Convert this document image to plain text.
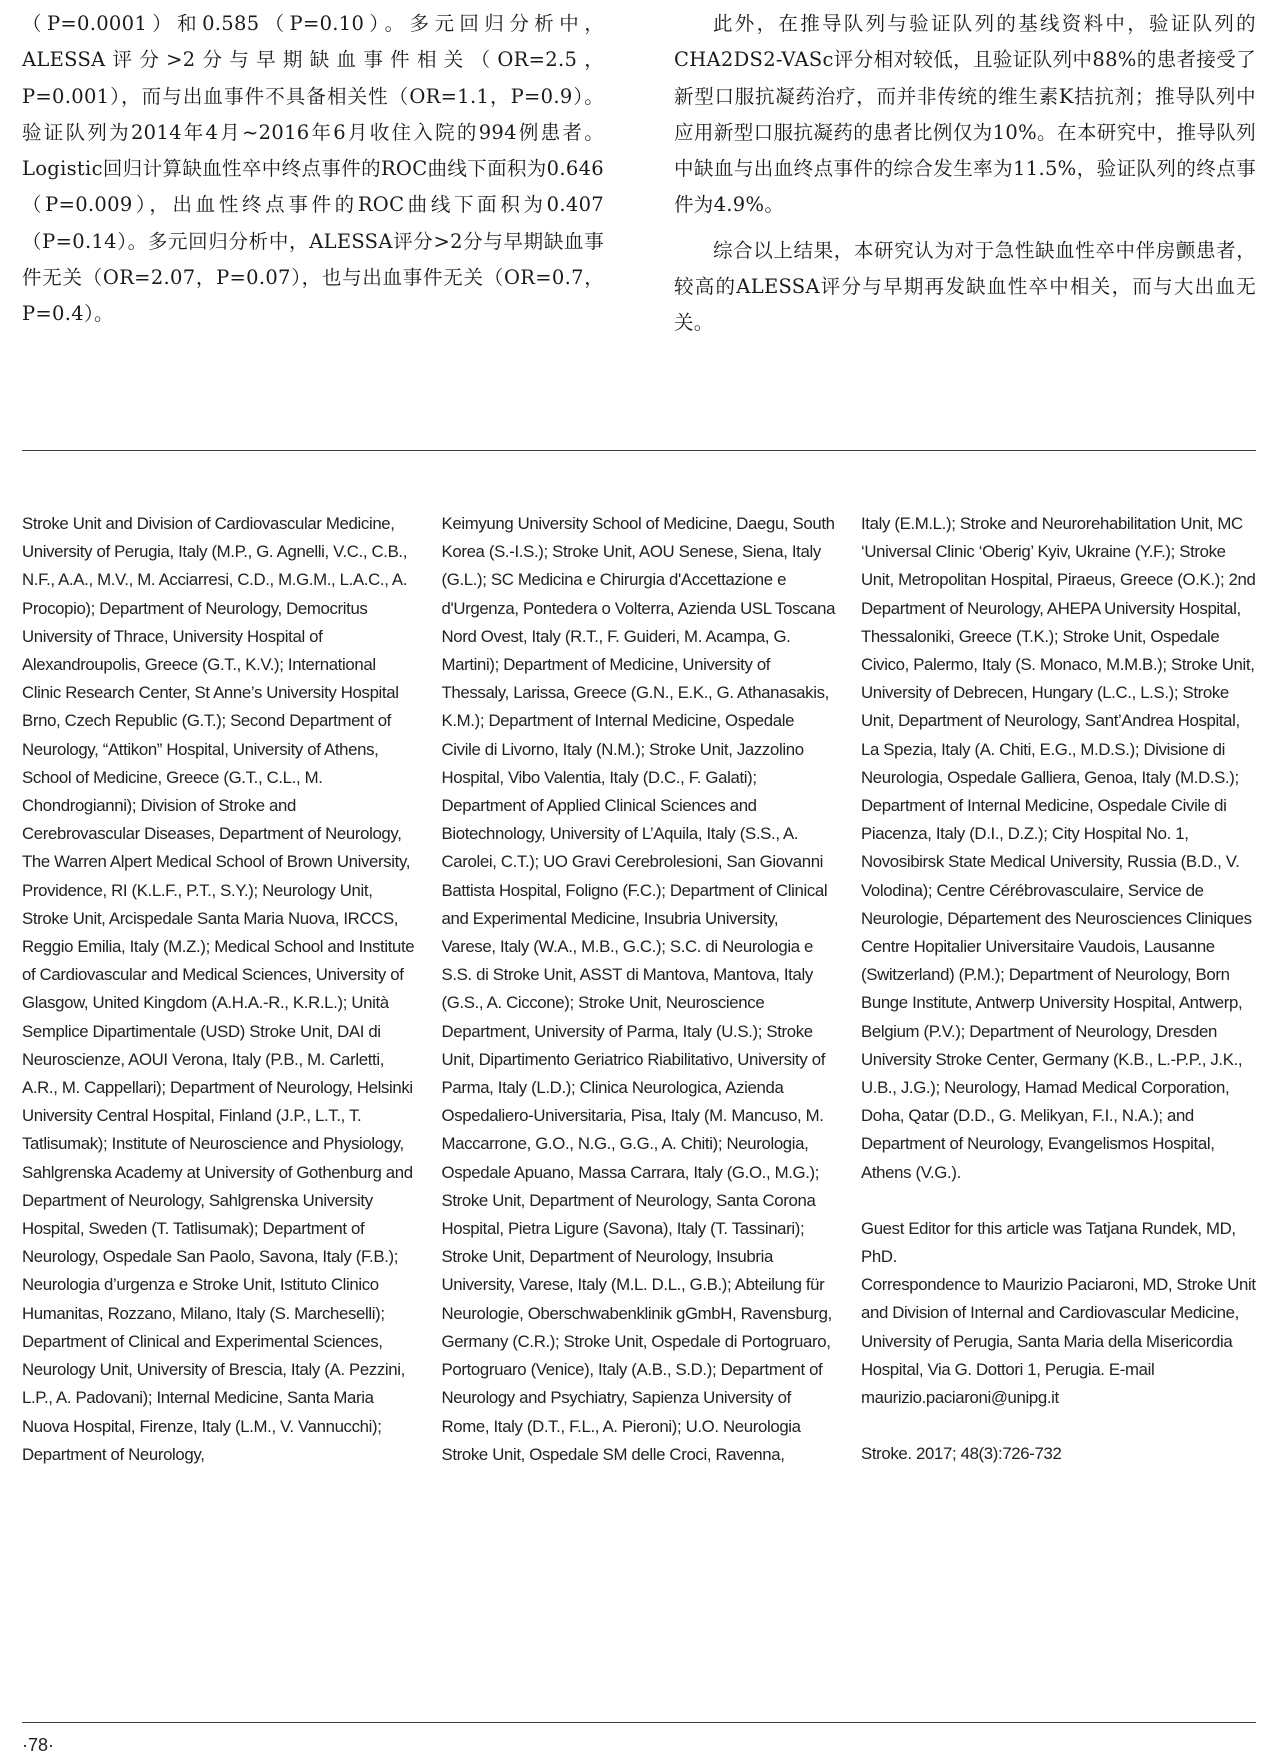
（P=0.0001）和0.585（P=0.10）。多元回归分析中，ALESSA评分>2分与早期缺血事件相关（OR=2.5，P=0.001），而与出血事件不具备相关性（OR=1.1，P=0.9）。验证队列为2014年4月~2016年6月收住入院的994例患者。Logistic回归计算缺血性卒中终点事件的ROC曲线下面积为0.646（P=0.009），出血性终点事件的ROC曲线下面积为0.407（P=0.14）。多元回归分析中，ALESSA评分>2分与早期缺血事件无关（OR=2.07，P=0.07），也与出血事件无关（OR=0.7，P=0.4）。

此外，在推导队列与验证队列的基线资料中，验证队列的CHA2DS2-VASc评分相对较低，且验证队列中88%的患者接受了新型口服抗凝药治疗，而并非传统的维生素K拮抗剂；推导队列中应用新型口服抗凝药的患者比例仅为10%。在本研究中，推导队列中缺血与出血终点事件的综合发生率为11.5%，验证队列的终点事件为4.9%。

综合以上结果，本研究认为对于急性缺血性卒中伴房颤患者，较高的ALESSA评分与早期再发缺血性卒中相关，而与大出血无关。

Stroke Unit and Division of Cardiovascular Medicine, University of Perugia, Italy (M.P., G. Agnelli, V.C., C.B., N.F., A.A., M.V., M. Acciarresi, C.D., M.G.M., L.A.C., A. Procopio); Department of Neurology, Democritus University of Thrace, University Hospital of Alexandroupolis, Greece (G.T., K.V.); International Clinic Research Center, St Anne’s University Hospital Brno, Czech Republic (G.T.); Second Department of Neurology, “Attikon” Hospital, University of Athens, School of Medicine, Greece (G.T., C.L., M. Chondrogianni); Division of Stroke and Cerebrovascular Diseases, Department of Neurology, The Warren Alpert Medical School of Brown University, Providence, RI (K.L.F., P.T., S.Y.); Neurology Unit, Stroke Unit, Arcispedale Santa Maria Nuova, IRCCS, Reggio Emilia, Italy (M.Z.); Medical School and Institute of Cardiovascular and Medical Sciences, University of Glasgow, United Kingdom (A.H.A.-R., K.R.L.); Unità Semplice Dipartimentale (USD) Stroke Unit, DAI di Neuroscienze, AOUI Verona, Italy (P.B., M. Carletti, A.R., M. Cappellari); Department of Neurology, Helsinki University Central Hospital, Finland (J.P., L.T., T. Tatlisumak); Institute of Neuroscience and Physiology, Sahlgrenska Academy at University of Gothenburg and Department of Neurology, Sahlgrenska University Hospital, Sweden (T. Tatlisumak); Department of Neurology, Ospedale San Paolo, Savona, Italy (F.B.); Neurologia d’urgenza e Stroke Unit, Istituto Clinico Humanitas, Rozzano, Milano, Italy (S. Marcheselli); Department of Clinical and Experimental Sciences, Neurology Unit, University of Brescia, Italy (A. Pezzini, L.P., A. Padovani); Internal Medicine, Santa Maria Nuova Hospital, Firenze, Italy (L.M., V. Vannucchi); Department of Neurology,

Keimyung University School of Medicine, Daegu, South Korea (S.-I.S.); Stroke Unit, AOU Senese, Siena, Italy (G.L.); SC Medicina e Chirurgia d'Accettazione e d'Urgenza, Pontedera o Volterra, Azienda USL Toscana Nord Ovest, Italy (R.T., F. Guideri, M. Acampa, G. Martini); Department of Medicine, University of Thessaly, Larissa, Greece (G.N., E.K., G. Athanasakis, K.M.); Department of Internal Medicine, Ospedale Civile di Livorno, Italy (N.M.); Stroke Unit, Jazzolino Hospital, Vibo Valentia, Italy (D.C., F. Galati); Department of Applied Clinical Sciences and Biotechnology, University of L’Aquila, Italy (S.S., A. Carolei, C.T.); UO Gravi Cerebrolesioni, San Giovanni Battista Hospital, Foligno (F.C.); Department of Clinical and Experimental Medicine, Insubria University, Varese, Italy (W.A., M.B., G.C.); S.C. di Neurologia e S.S. di Stroke Unit, ASST di Mantova, Mantova, Italy (G.S., A. Ciccone); Stroke Unit, Neuroscience Department, University of Parma, Italy (U.S.); Stroke Unit, Dipartimento Geriatrico Riabilitativo, University of Parma, Italy (L.D.); Clinica Neurologica, Azienda Ospedaliero-Universitaria, Pisa, Italy (M. Mancuso, M. Maccarrone, G.O., N.G., G.G., A. Chiti); Neurologia, Ospedale Apuano, Massa Carrara, Italy (G.O., M.G.); Stroke Unit, Department of Neurology, Santa Corona Hospital, Pietra Ligure (Savona), Italy (T. Tassinari); Stroke Unit, Department of Neurology, Insubria University, Varese, Italy (M.L. D.L., G.B.); Abteilung für Neurologie, Oberschwabenklinik gGmbH, Ravensburg, Germany (C.R.); Stroke Unit, Ospedale di Portogruaro, Portogruaro (Venice), Italy (A.B., S.D.); Department of Neurology and Psychiatry, Sapienza University of Rome, Italy (D.T., F.L., A. Pieroni); U.O. Neurologia Stroke Unit, Ospedale SM delle Croci, Ravenna,

Italy (E.M.L.); Stroke and Neurorehabilitation Unit, MC ‘Universal Clinic ‘Oberig’ Kyiv, Ukraine (Y.F.); Stroke Unit, Metropolitan Hospital, Piraeus, Greece (O.K.); 2nd Department of Neurology, AHEPA University Hospital, Thessaloniki, Greece (T.K.); Stroke Unit, Ospedale Civico, Palermo, Italy (S. Monaco, M.M.B.); Stroke Unit, University of Debrecen, Hungary (L.C., L.S.); Stroke Unit, Department of Neurology, Sant’Andrea Hospital, La Spezia, Italy (A. Chiti, E.G., M.D.S.); Divisione di Neurologia, Ospedale Galliera, Genoa, Italy (M.D.S.); Department of Internal Medicine, Ospedale Civile di Piacenza, Italy (D.I., D.Z.); City Hospital No. 1, Novosibirsk State Medical University, Russia (B.D., V. Volodina); Centre Cérébrovasculaire, Service de Neurologie, Département des Neurosciences Cliniques Centre Hopitalier Universitaire Vaudois, Lausanne (Switzerland) (P.M.); Department of Neurology, Born Bunge Institute, Antwerp University Hospital, Antwerp, Belgium (P.V.); Department of Neurology, Dresden University Stroke Center, Germany (K.B., L.-P.P., J.K., U.B., J.G.); Neurology, Hamad Medical Corporation, Doha, Qatar (D.D., G. Melikyan, F.I., N.A.); and Department of Neurology, Evangelismos Hospital, Athens (V.G.).

Guest Editor for this article was Tatjana Rundek, MD, PhD.

Correspondence to Maurizio Paciaroni, MD, Stroke Unit and Division of Internal and Cardiovascular Medicine, University of Perugia, Santa Maria della Misericordia Hospital, Via G. Dottori 1, Perugia. E-mail maurizio.paciaroni@unipg.it

Stroke. 2017; 48(3):726-732

·78·
